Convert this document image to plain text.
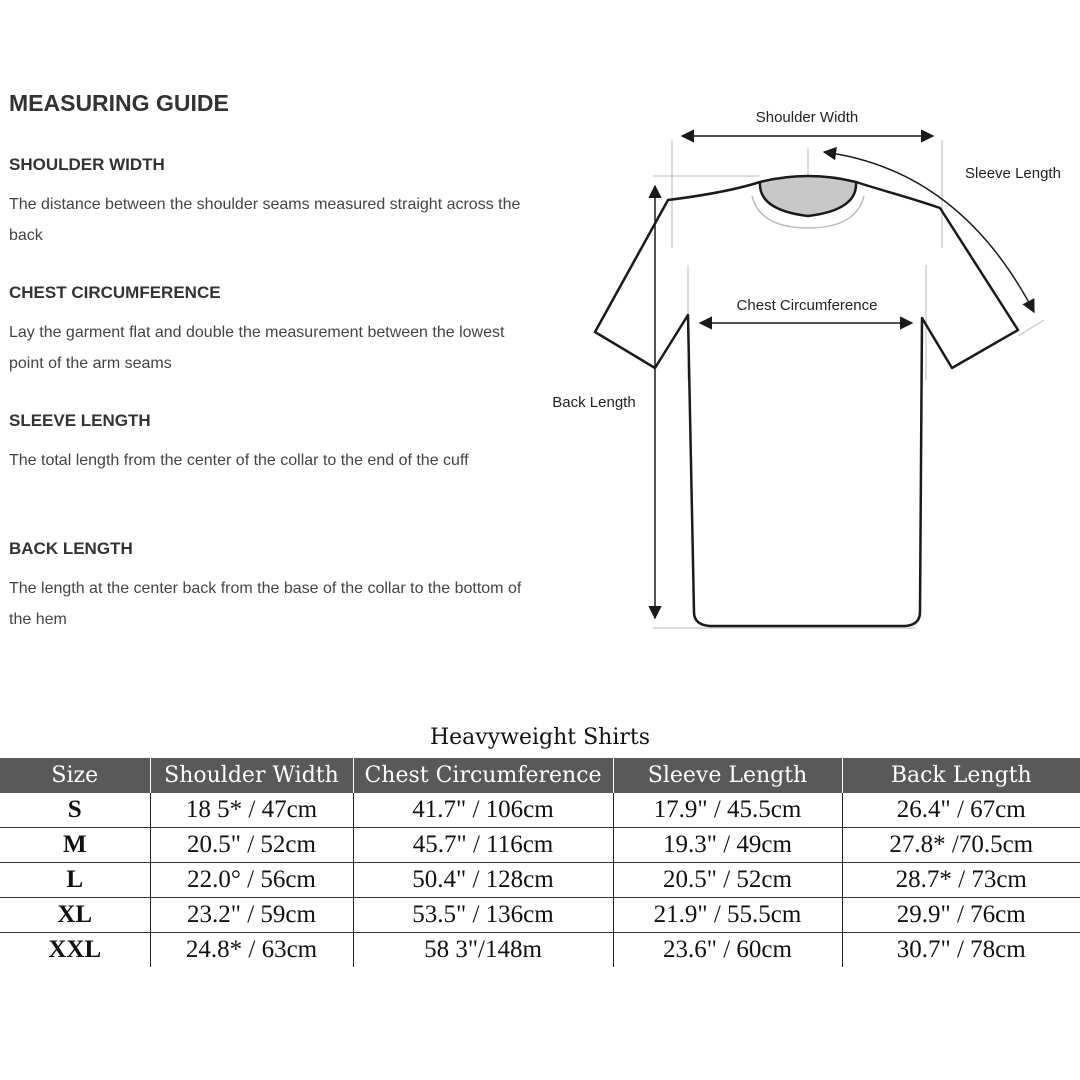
MEASURING GUIDE
SHOULDER WIDTH

The distance between the shoulder seams measured straight across the back

CHEST CIRCUMFERENCE

Lay the garment flat and double the measurement between the lowest point of the arm seams

SLEEVE LENGTH

The total length from the center of the collar to the end of the cuff

BACK LENGTH

The length at the center back from the base of the collar to the bottom of the hem

Shoulder Width
Sleeve Length
Chest Circumference
Back Length
Heavyweight Shirts
Size	Shoulder Width	Chest Circumference	Sleeve Length	Back Length
S	18 5* / 47cm	41.7" / 106cm	17.9" / 45.5cm	26.4" / 67cm
M	20.5" / 52cm	45.7" / 116cm	19.3" / 49cm	27.8* /70.5cm
L	22.0° / 56cm	50.4" / 128cm	20.5" / 52cm	28.7* / 73cm
XL	23.2" / 59cm	53.5" / 136cm	21.9" / 55.5cm	29.9" / 76cm
XXL	24.8* / 63cm	58 3"/148m	23.6" / 60cm	30.7" / 78cm
